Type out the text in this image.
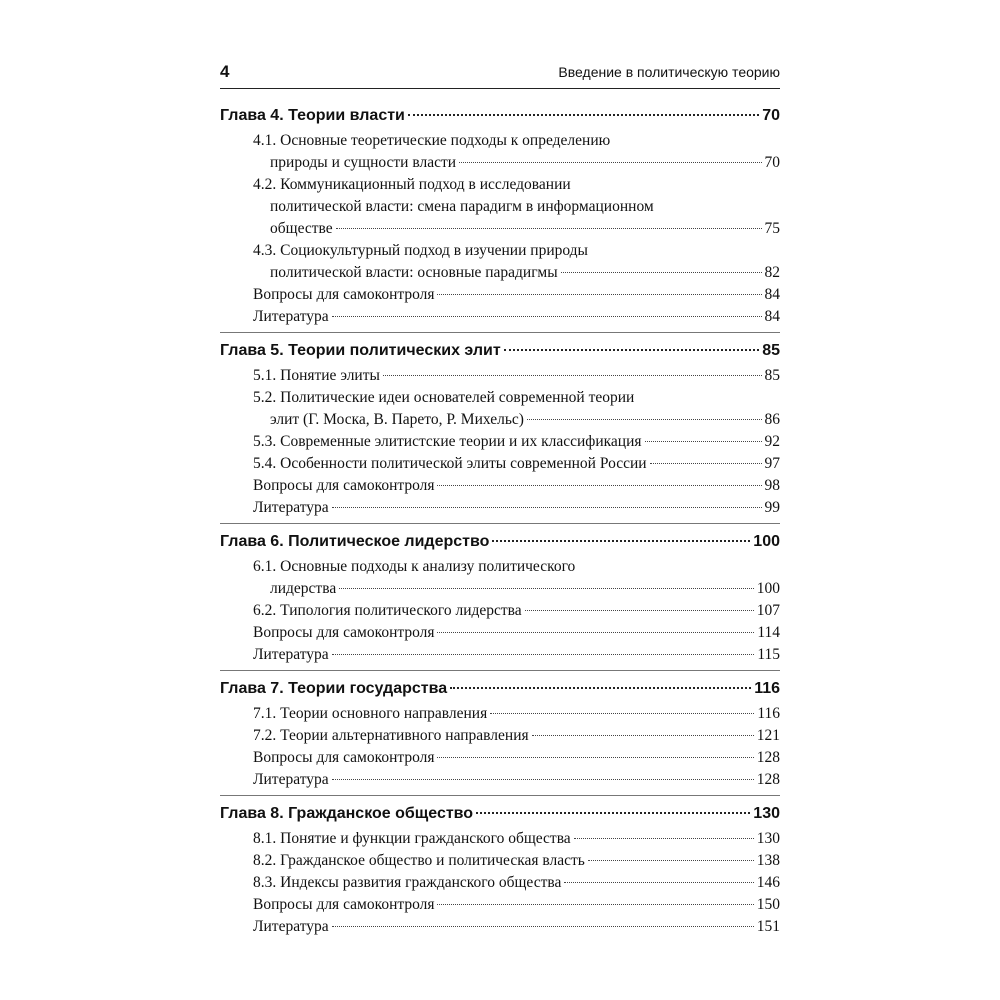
4	Введение в политическую теорию
Глава 4. Теории власти	70
4.1. Основные теоретические подходы к определению
природы и сущности власти	70
4.2. Коммуникационный подход в исследовании
политической власти: смена парадигм в информационном
обществе	75
4.3. Социокультурный подход в изучении природы
политической власти: основные парадигмы	82
Вопросы для самоконтроля	84
Литература	84
Глава 5. Теории политических элит	85
5.1. Понятие элиты	85
5.2. Политические идеи основателей современной теории
элит (Г. Моска, В. Парето, Р. Михельс)	86
5.3. Современные элитистские теории и их классификация	92
5.4. Особенности политической элиты современной России	97
Вопросы для самоконтроля	98
Литература	99
Глава 6. Политическое лидерство	100
6.1. Основные подходы к анализу политического
лидерства	100
6.2. Типология политического лидерства	107
Вопросы для самоконтроля	114
Литература	115
Глава 7. Теории государства	116
7.1. Теории основного направления	116
7.2. Теории альтернативного направления	121
Вопросы для самоконтроля	128
Литература	128
Глава 8. Гражданское общество	130
8.1. Понятие и функции гражданского общества	130
8.2. Гражданское общество и политическая власть	138
8.3. Индексы развития гражданского общества	146
Вопросы для самоконтроля	150
Литература	151
